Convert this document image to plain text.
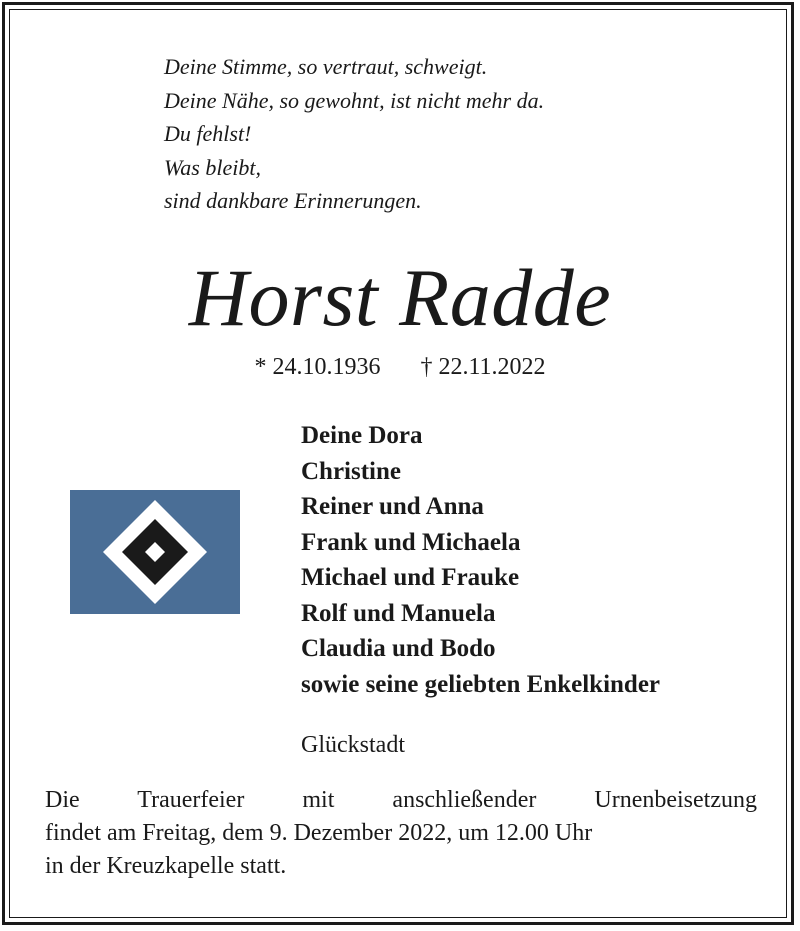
Deine Stimme, so vertraut, schweigt.
Deine Nähe, so gewohnt, ist nicht mehr da.
Du fehlst!
Was bleibt,
sind dankbare Erinnerungen.
Horst Radde
* 24.10.1936 † 22.11.2022
Deine Dora
Christine
Reiner und Anna
Frank und Michaela
Michael und Frauke
Rolf und Manuela
Claudia und Bodo
sowie seine geliebten Enkelkinder
Glückstadt
Die Trauerfeier mit anschließender Urnenbeisetzung
findet am Freitag, dem 9. Dezember 2022, um 12.00 Uhr
in der Kreuzkapelle statt.
